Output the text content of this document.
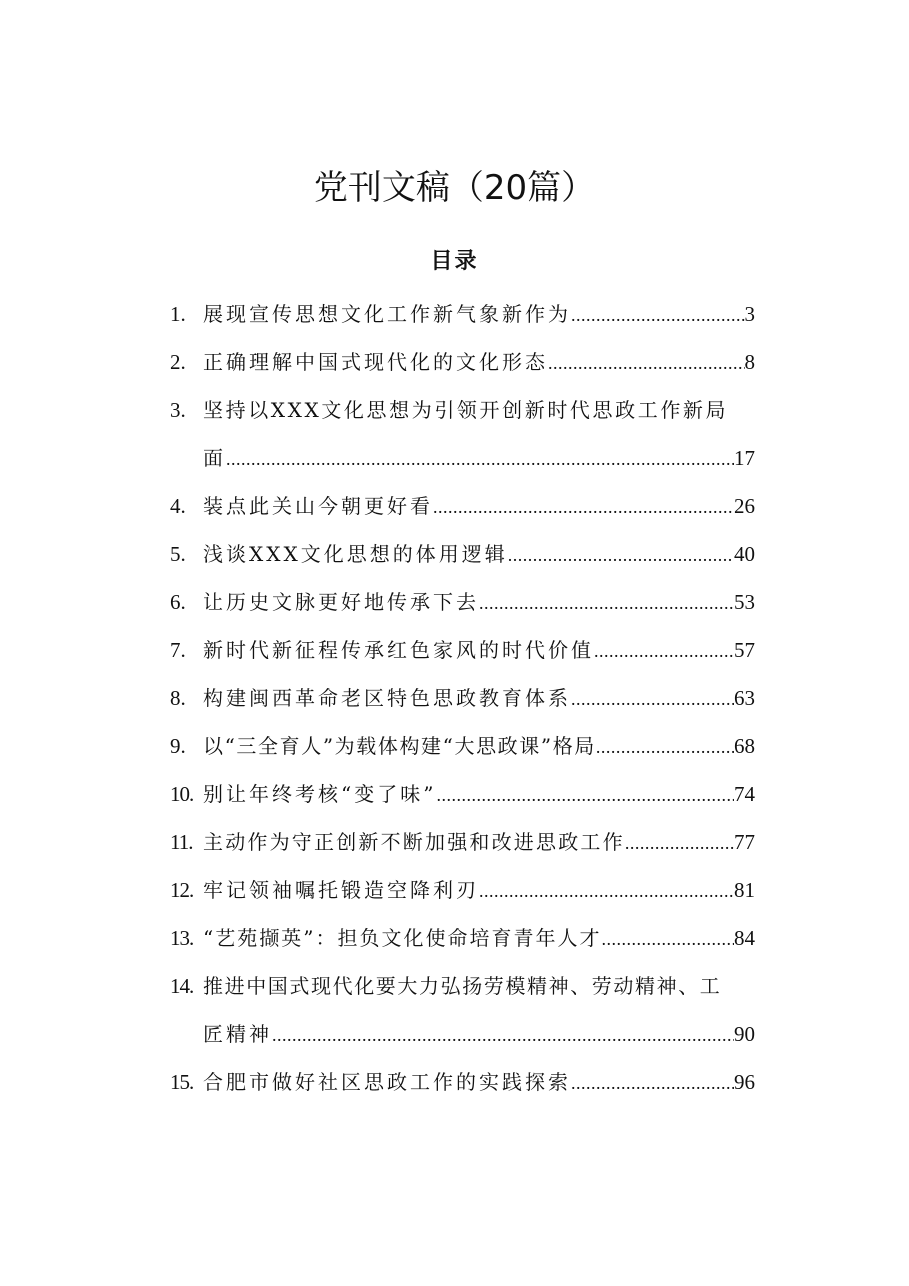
党刊文稿（20篇）
目录
1. 展现宣传思想文化工作新气象新作为 .....	3
2. 正确理解中国式现代化的文化形态 .....	8
3. 坚持以XXX文化思想为引领开创新时代思政工作新局
面 .....	17
4. 装点此关山今朝更好看 .....	26
5. 浅谈XXX文化思想的体用逻辑 .....	40
6. 让历史文脉更好地传承下去 .....	53
7. 新时代新征程传承红色家风的时代价值 .....	57
8. 构建闽西革命老区特色思政教育体系 .....	63
9. 以“三全育人”为载体构建“大思政课”格局 .....	68
10. 别让年终考核“变了味” .....	74
11. 主动作为守正创新不断加强和改进思政工作 .....	77
12. 牢记领袖嘱托锻造空降利刃 .....	81
13. “艺苑撷英”：担负文化使命培育青年人才 .....	84
14. 推进中国式现代化要大力弘扬劳模精神、劳动精神、工
匠精神 .....	90
15. 合肥市做好社区思政工作的实践探索 .....	96
